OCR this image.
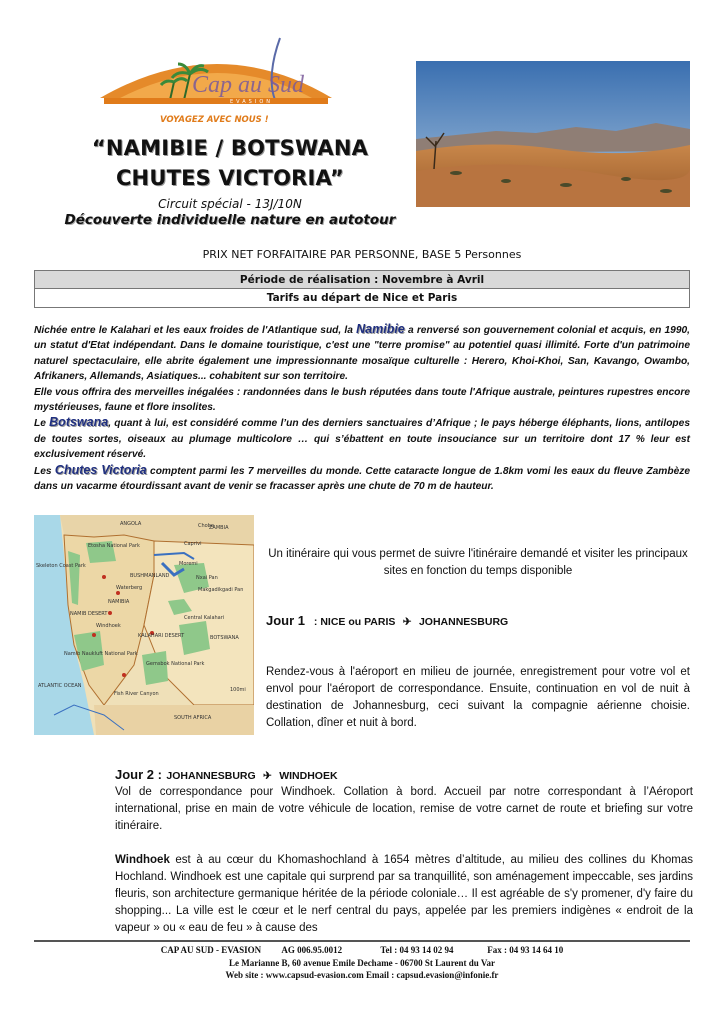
Cap au Sud
EVASION
VOYAGEZ AVEC NOUS !
“NAMIBIE / BOTSWANA
CHUTES VICTORIA”
Circuit spécial - 13J/10N
Découverte individuelle nature en autotour
PRIX NET FORFAITAIRE PAR PERSONNE, BASE 5 Personnes
Période de réalisation : Novembre à Avril
Tarifs au départ de Nice et Paris

Nichée entre le Kalahari et les eaux froides de l'Atlantique sud, la Namibie a renversé son gouvernement colonial et acquis, en 1990, un statut d'Etat indépendant. Dans le domaine touristique, c'est une "terre promise" au potentiel quasi illimité. Forte d'un patrimoine naturel spectaculaire, elle abrite également une impressionnante mosaïque culturelle : Herero, Khoi-Khoi, San, Kavango, Owambo, Afrikaners, Allemands, Asiatiques... cohabitent sur son territoire.

Elle vous offrira des merveilles inégalées : randonnées dans le bush réputées dans toute l'Afrique australe, peintures rupestres encore mystérieuses, faune et flore insolites.

Le Botswana, quant à lui, est considéré comme l’un des derniers sanctuaires d’Afrique ; le pays héberge éléphants, lions, antilopes de toutes sortes, oiseaux au plumage multicolore … qui s’ébattent en toute insouciance sur un territoire dont 17 % leur est exclusivement réservé.

Les Chutes Victoria comptent parmi les 7 merveilles du monde. Cette cataracte longue de 1.8km vomi les eaux du fleuve Zambèze dans un vacarme étourdissant avant de venir se fracasser après une chute de 70 m de hauteur.

ANGOLA
ZAMBIA
Etosha National Park
Skeleton Coast Park
Chobe
Moremi
Caprivi
BUSHMANLAND
Waterberg
Nxai Pan
Makgadikgadi Pan
NAMIBIA
NAMIB DESERT
Windhoek
KALAHARI DESERT
Central Kalahari
BOTSWANA
Namib Naukluft National Park
Gemsbok National Park
ATLANTIC OCEAN
Fish River Canyon
SOUTH AFRICA
100mi
Un itinéraire qui vous permet de suivre l'itinéraire demandé et visiter les principaux sites en fonction du temps disponible
Jour 1 : NICE ou PARIS  ✈  JOHANNESBURG
Rendez-vous à l'aéroport en milieu de journée, enregistrement pour votre vol et envol pour l'aéroport de correspondance. Ensuite, continuation en vol de nuit à destination de Johannesburg, ceci suivant la compagnie aérienne choisie. Collation, dîner et nuit à bord.
Jour 2 : JOHANNESBURG  ✈  WINDHOEK
Vol de correspondance pour Windhoek. Collation à bord. Accueil par notre correspondant à l’Aéroport international, prise en main de votre véhicule de location, remise de votre carnet de route et briefing sur votre itinéraire.
Windhoek est à au cœur du Khomashochland à 1654 mètres d’altitude, au milieu des collines du Khomas Hochland. Windhoek est une capitale qui surprend par sa tranquillité, son aménagement impeccable, ses jardins fleuris, son architecture germanique héritée de la période coloniale… Il est agréable de s'y promener, d'y faire du shopping... La ville est le cœur et le nerf central du pays, appelée par les premiers indigènes « endroit de la vapeur » ou « eau de feu » à cause des
CAP AU SUD - EVASION AG 006.95.0012	Tel : 04 93 14 02 94	Fax : 04 93 14 64 10
Le Marianne B, 60 avenue Emile Dechame - 06700 St Laurent du Var
Web site : www.capsud-evasion.com Email : capsud.evasion@infonie.fr
